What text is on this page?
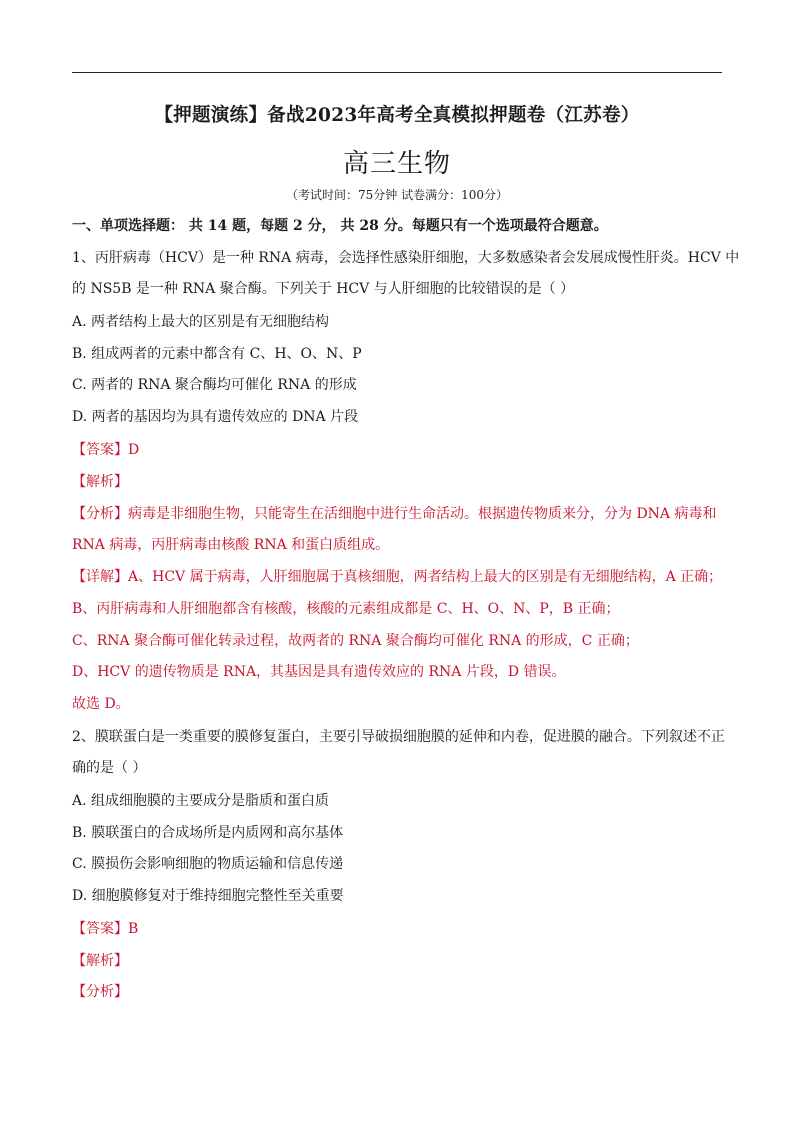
【押题演练】备战2023年高考全真模拟押题卷（江苏卷）
高三生物
（考试时间：75分钟 试卷满分：100分）
一、单项选择题： 共 14 题，每题 2 分， 共 28 分。每题只有一个选项最符合题意。
1、丙肝病毒（HCV）是一种 RNA 病毒，会选择性感染肝细胞，大多数感染者会发展成慢性肝炎。HCV 中
的 NS5B 是一种 RNA 聚合酶。下列关于 HCV 与人肝细胞的比较错误的是（ ）
A. 两者结构上最大的区别是有无细胞结构
B. 组成两者的元素中都含有 C、H、O、N、P
C. 两者的 RNA 聚合酶均可催化 RNA 的形成
D. 两者的基因均为具有遗传效应的 DNA 片段
【答案】D
【解析】
【分析】病毒是非细胞生物，只能寄生在活细胞中进行生命活动。根据遗传物质来分，分为 DNA 病毒和
RNA 病毒，丙肝病毒由核酸 RNA 和蛋白质组成。
【详解】A、HCV 属于病毒，人肝细胞属于真核细胞，两者结构上最大的区别是有无细胞结构，A 正确；
B、丙肝病毒和人肝细胞都含有核酸，核酸的元素组成都是 C、H、O、N、P，B 正确；
C、RNA 聚合酶可催化转录过程，故两者的 RNA 聚合酶均可催化 RNA 的形成，C 正确；
D、HCV 的遗传物质是 RNA，其基因是具有遗传效应的 RNA 片段，D 错误。
故选 D。
2、膜联蛋白是一类重要的膜修复蛋白，主要引导破损细胞膜的延伸和内卷，促进膜的融合。下列叙述不正
确的是（ ）
A. 组成细胞膜的主要成分是脂质和蛋白质
B. 膜联蛋白的合成场所是内质网和高尔基体
C. 膜损伤会影响细胞的物质运输和信息传递
D. 细胞膜修复对于维持细胞完整性至关重要
【答案】B
【解析】
【分析】
